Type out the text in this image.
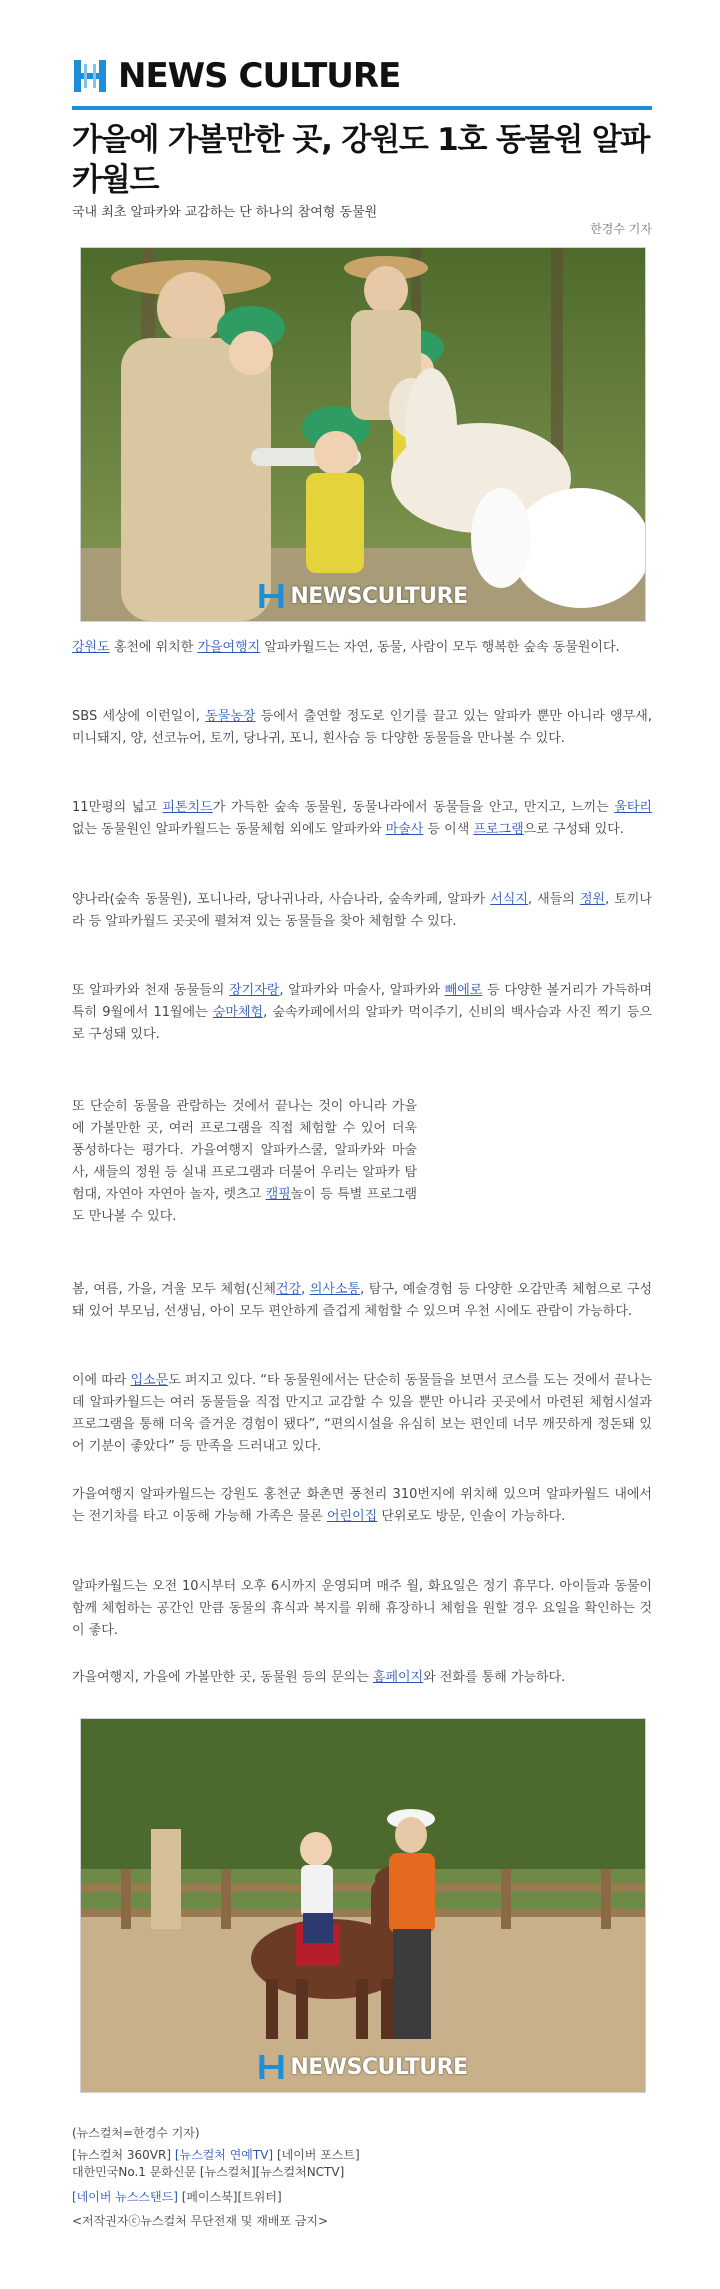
NEWS CULTURE
가을에 가볼만한 곳, 강원도 1호 동물원 알파카월드
국내 최초 알파카와 교감하는 단 하나의 참여형 동물원
한경수 기자
NEWSCULTURE

강원도 홍천에 위치한 가을여행지 알파카월드는 자연, 동물, 사람이 모두 행복한 숲속 동물원이다.

SBS 세상에 이런일이, 동물농장 등에서 출연할 정도로 인기를 끌고 있는 알파카 뿐만 아니라 앵무새, 미니돼지, 양, 선코뉴어, 토끼, 당나귀, 포니, 흰사슴 등 다양한 동물들을 만나볼 수 있다.

11만평의 넓고 피톤치드가 가득한 숲속 동물원, 동물나라에서 동물들을 안고, 만지고, 느끼는 울타리 없는 동물원인 알파카월드는 동물체험 외에도 알파카와 마술사 등 이색 프로그램으로 구성돼 있다.

양나라(숲속 동물원), 포니나라, 당나귀나라, 사슴나라, 숲속카페, 알파카 서식지, 새들의 정원, 토끼나라 등 알파카월드 곳곳에 펼쳐져 있는 동물들을 찾아 체험할 수 있다.

또 알파카와 천재 동물들의 장기자랑, 알파카와 마술사, 알파카와 빼에로 등 다양한 볼거리가 가득하며 특히 9월에서 11월에는 숭마체험, 숲속카페에서의 알파카 먹이주기, 신비의 백사슴과 사진 찍기 등으로 구성돼 있다.

또 단순히 동물을 관람하는 것에서 끝나는 것이 아니라 가을에 가볼만한 곳, 여러 프로그램을 직접 체험할 수 있어 더욱 풍성하다는 평가다. 가을여행지 알파카스쿨, 알파카와 마술사, 새들의 정원 등 실내 프로그램과 더불어 우리는 알파카 탐험대, 자연아 자연아 놀자, 렛츠고 캠핑놀이 등 특별 프로그램도 만나볼 수 있다.

봄, 여름, 가을, 겨울 모두 체험(신체건강, 의사소통, 탐구, 예술경험 등 다양한 오감만족 체험으로 구성돼 있어 부모님, 선생님, 아이 모두 편안하게 즐겁게 체험할 수 있으며 우천 시에도 관람이 가능하다.

이에 따라 입소문도 퍼지고 있다. “타 동물원에서는 단순히 동물들을 보면서 코스를 도는 것에서 끝나는데 알파카월드는 여러 동물들을 직접 만지고 교감할 수 있을 뿐만 아니라 곳곳에서 마련된 체험시설과 프로그램을 통해 더욱 즐거운 경험이 됐다”, “편의시설을 유심히 보는 편인데 너무 깨끗하게 정돈돼 있어 기분이 좋았다” 등 만족을 드러내고 있다.

가을여행지 알파카월드는 강원도 홍천군 화촌면 풍천리 310번지에 위치해 있으며 알파카월드 내에서는 전기차를 타고 이동해 가능해 가족은 물론 어린이집 단위로도 방문, 인솔이 가능하다.

알파카월드는 오전 10시부터 오후 6시까지 운영되며 매주 월, 화요일은 정기 휴무다. 아이들과 동물이 함께 체험하는 공간인 만큼 동물의 휴식과 복지를 위해 휴장하니 체험을 원할 경우 요일을 확인하는 것이 좋다.

가을여행지, 가을에 가볼만한 곳, 동물원 등의 문의는 홈페이지와 전화를 통해 가능하다.

NEWSCULTURE
(뉴스컬처=한경수 기자)
[뉴스컬처 360VR] [뉴스컬처 연예TV] [네이버 포스트]
대한민국No.1 문화신문 [뉴스컬처][뉴스컬처NCTV]
[네이버 뉴스스탠드] [페이스북][트위터]
<저작권자ⓒ뉴스컬처 무단전재 및 재배포 금지>
